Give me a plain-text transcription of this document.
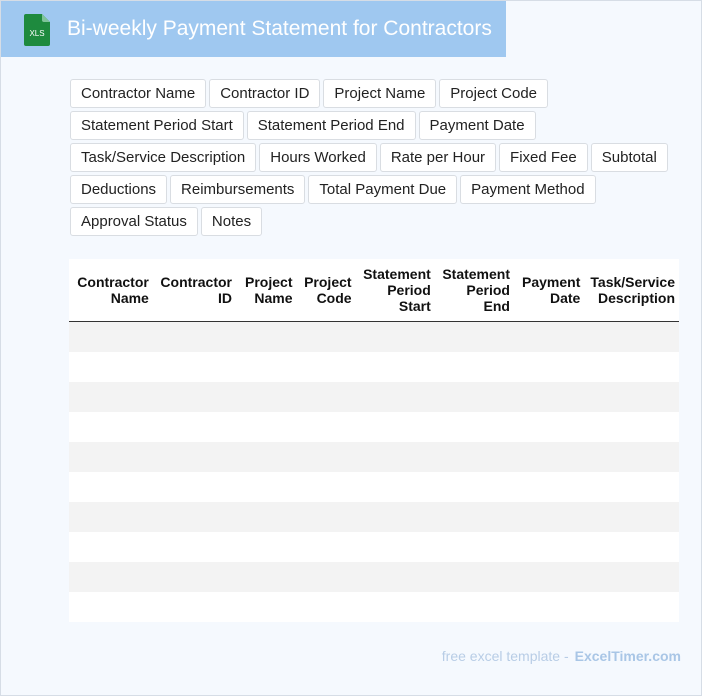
XLS Bi-weekly Payment Statement for Contractors
Contractor Name	Contractor ID	Project Name	Project Code
Statement Period Start	Statement Period End	Payment Date
Task/Service Description	Hours Worked	Rate per Hour	Fixed Fee	Subtotal
Deductions	Reimbursements	Total Payment Due	Payment Method
Approval Status	Notes
Contractor Name	Contractor ID	Project Name	Project Code	Statement Period Start	Statement Period End	Payment Date	Task/Service Description

free excel template - ExcelTimer.com
